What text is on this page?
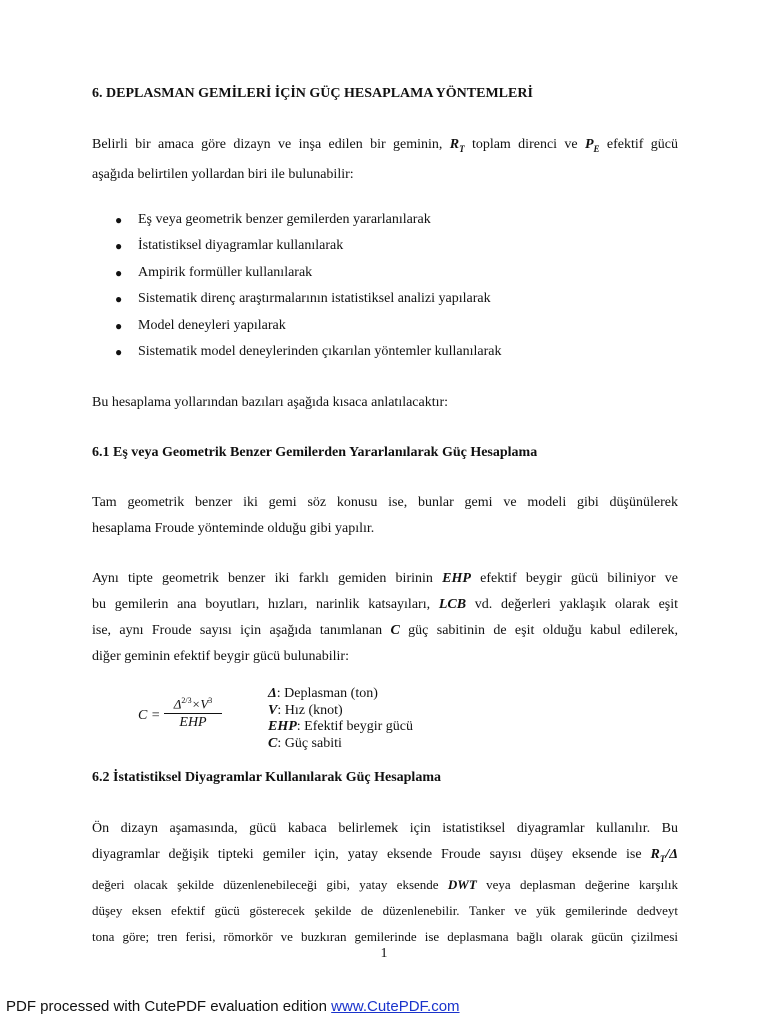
6. DEPLASMAN GEMİLERİ İÇİN GÜÇ HESAPLAMA YÖNTEMLERİ
Belirli bir amaca göre dizayn ve inşa edilen bir geminin, $R_T$ toplam direnci ve $P_E$ efektif gücü
aşağıda belirtilen yollardan biri ile bulunabilir:
● Eş veya geometrik benzer gemilerden yararlanılarak
● İstatistiksel diyagramlar kullanılarak
● Ampirik formüller kullanılarak
● Sistematik direnç araştırmalarının istatistiksel analizi yapılarak
● Model deneyleri yapılarak
● Sistematik model deneylerinden çıkarılan yöntemler kullanılarak
Bu hesaplama yollarından bazıları aşağıda kısaca anlatılacaktır:
6.1 Eş veya Geometrik Benzer Gemilerden Yararlanılarak Güç Hesaplama
Tam geometrik benzer iki gemi söz konusu ise, bunlar gemi ve modeli gibi düşünülerek
hesaplama Froude yönteminde olduğu gibi yapılır.
Aynı tipte geometrik benzer iki farklı gemiden birinin EHP efektif beygir gücü biliniyor ve
bu gemilerin ana boyutları, hızları, narinlik katsayıları, LCB vd. değerleri yaklaşık olarak eşit
ise, aynı Froude sayısı için aşağıda tanımlanan C güç sabitinin de eşit olduğu kabul edilerek,
diğer geminin efektif beygir gücü bulunabilir:
C =
$\Delta^{2/3}\times V^3$
EHP
Δ: Deplasman (ton)
V: Hız (knot)
EHP: Efektif beygir gücü
C: Güç sabiti
6.2 İstatistiksel Diyagramlar Kullanılarak Güç Hesaplama
Ön dizayn aşamasında, gücü kabaca belirlemek için istatistiksel diyagramlar kullanılır. Bu
diyagramlar değişik tipteki gemiler için, yatay eksende Froude sayısı düşey eksende ise $R_T/\Delta$
değeri olacak şekilde düzenlenebileceği gibi, yatay eksende DWT veya deplasman değerine karşılık
düşey eksen efektif gücü gösterecek şekilde de düzenlenebilir. Tanker ve yük gemilerinde dedveyt
tona göre; tren ferisi, römorkör ve buzkıran gemilerinde ise deplasmana bağlı olarak gücün çizilmesi
1
PDF processed with CutePDF evaluation edition www.CutePDF.com
